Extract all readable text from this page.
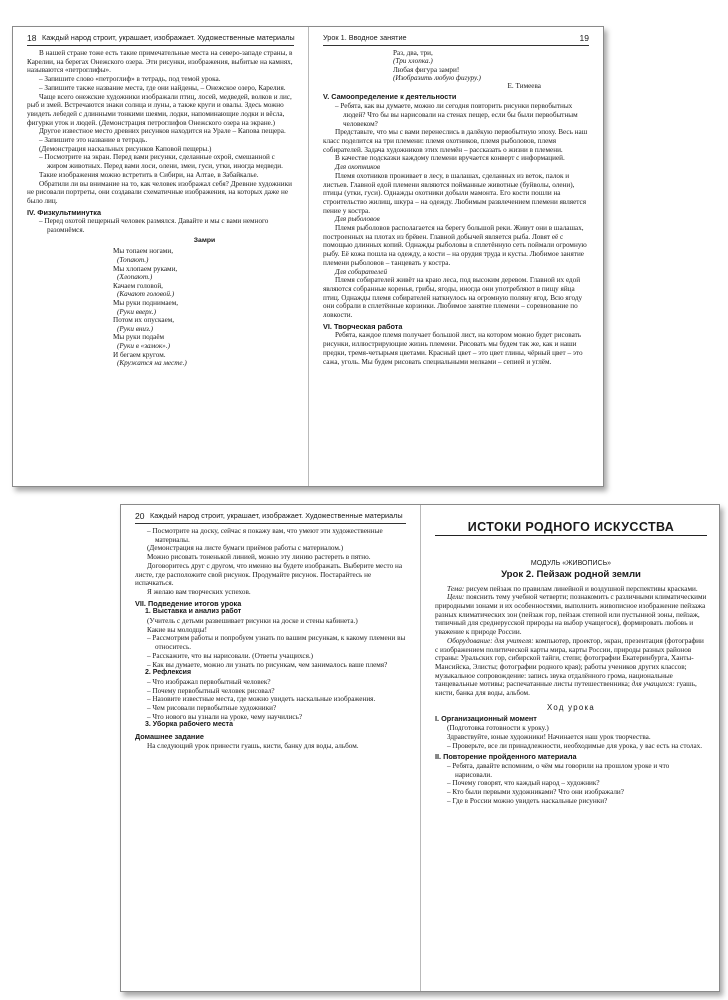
18 Каждый народ строит, украшает, изображает. Художественные материалы

В нашей стране тоже есть такие примечательные места на северо-западе страны, в Карелии, на берегах Онежского озера. Эти рисунки, изображения, выбитые на камнях, называются «петроглифы».

– Запишите слово «петроглиф» в тетрадь, под темой урока.

– Запишите также название места, где они найдены, – Онежское озеро, Карелия.

Чаще всего онежские художники изображали птиц, лосей, медведей, волков и лис, рыб и змей. Встречаются знаки солнца и луны, а также круги и овалы. Здесь можно увидеть лебедей с длинными тонкими шеями, лодки, напоминающие лодки и вёсла, фигурки уток и людей. (Демонстрация петроглифов Онежского озера на экране.)

Другое известное место древних рисунков находится на Урале – Капова пещера.

– Запишите это название в тетрадь.

(Демонстрация наскальных рисунков Каповой пещеры.)

– Посмотрите на экран. Перед вами рисунки, сделанные охрой, смешанной с жиром животных. Перед вами лоси, олени, змеи, гуси, утки, иногда медведи.

Такие изображения можно встретить в Сибири, на Алтае, в Забайкалье.

Обратили ли вы внимание на то, как человек изображал себя? Древние художники не рисовали портреты, они создавали схематичные изображения, на которых даже не было лиц.

IV. Физкультминутка

– Перед охотой пещерный человек размялся. Давайте и мы с вами немного разомнёмся.

Замри

Мы топаем ногами,

(Топают.)

Мы хлопаем руками,

(Хлопают.)

Качаем головой,

(Качают головой.)

Мы руки поднимаем,

(Руки вверх.)

Потом их опускаем,

(Руки вниз.)

Мы руки подаём

(Руки в «замок».)

И бегаем кругом.

(Кружатся на месте.)

Урок 1. Вводное занятие	19

Раз, два, три,

(Три хлопка.)

Любая фигура замри!

(Изобразить любую фигуру.)

Е. Тимеева

V. Самоопределение к деятельности

– Ребята, как вы думаете, можно ли сегодня повторить рисунки первобытных людей? Что бы вы нарисовали на стенах пещер, если бы были первобытным человеком?

Представьте, что мы с вами перенеслись в далёкую первобытную эпоху. Весь наш класс поделится на три племени: племя охотников, племя рыболовов, племя собирателей. Задача художников этих племён – рассказать о жизни в племени.

В качестве подсказки каждому племени вручается конверт с информацией.

Для охотников

Племя охотников проживает в лесу, в шалашах, сделанных из веток, палок и листьев. Главной едой племени являются пойманные животные (буйволы, олени), птицы (утки, гуси). Однажды охотники добыли мамонта. Его кости пошли на строительство жилищ, шкура – на одежду. Любимым развлечением племени является пение у костра.

Для рыболовов

Племя рыболовов располагается на берегу большой реки. Живут они в шалашах, построенных на плотах из брёвен. Главной добычей является рыба. Ловят её с помощью длинных копий. Однажды рыболовы в сплетённую сеть поймали огромную рыбу. Её кожа пошла на одежду, а кости – на орудия труда и кусты. Любимое занятие племени рыболовов – танцевать у костра.

Для собирателей

Племя собирателей живёт на краю леса, под высоким деревом. Главной их едой являются собранные коренья, грибы, ягоды, иногда они употребляют в пищу яйца птиц. Однажды племя собирателей наткнулось на огромную поляну ягод. Всю ягоду они собрали в сплетённые корзинки. Любимое занятие племени – соревнование по ловкости.

VI. Творческая работа

Ребята, каждое племя получает большой лист, на котором можно будет рисовать рисунки, иллюстрирующие жизнь племени. Рисовать мы будем так же, как и наши предки, тремя-четырьмя цветами. Красный цвет – это цвет глины, чёрный цвет – это сажа, уголь. Мы будем рисовать специальными мелками – сепией и углём.

20 Каждый народ строит, украшает, изображает. Художественные материалы

– Посмотрите на доску, сейчас я покажу вам, что умеют эти художественные материалы.

(Демонстрация на листе бумаги приёмов работы с материалом.)

Можно рисовать тоненькой линией, можно эту линию растереть в пятно.

Договоритесь друг с другом, что именно вы будете изображать. Выберите место на листе, где расположите свой рисунок. Продумайте рисунок. Постарайтесь не испачкаться.

Я желаю вам творческих успехов.

VII. Подведение итогов урока

1. Выставка и анализ работ

(Учитель с детьми развешивает рисунки на доске и стены кабинета.)

Какие вы молодцы!

– Рассмотрим работы и попробуем узнать по вашим рисункам, к какому племени вы относитесь.

– Расскажите, что вы нарисовали. (Ответы учащихся.)

– Как вы думаете, можно ли узнать по рисункам, чем занималось ваше племя?

2. Рефлексия

– Что изображал первобытный человек?

– Почему первобытный человек рисовал?

– Назовите известные места, где можно увидеть наскальные изображения.

– Чем рисовали первобытные художники?

– Что нового вы узнали на уроке, чему научились?

3. Уборка рабочего места

Домашнее задание

На следующий урок принести гуашь, кисти, банку для воды, альбом.

ИСТОКИ РОДНОГО ИСКУССТВА

МОДУЛЬ «ЖИВОПИСЬ»

Урок 2. Пейзаж родной земли

Тема: рисуем пейзаж по правилам линейной и воздушной перспективы красками.

Цели: пояснить тему учебной четверти; познакомить с различными климатическими природными зонами и их особенностями, выполнить живописное изображение пейзажа разных климатических зон (пейзаж гор, пейзаж степной или пустынной зоны, пейзаж, типичный для среднерусской природы на выбор учащегося), формировать любовь и уважение к природе России.

Оборудование: для учителя: компьютер, проектор, экран, презентация (фотографии с изображением политической карты мира, карты России, природы разных районов страны: Уральских гор, сибирской тайги, степи; фотографии Екатеринбурга, Ханты-Мансийска, Элисты; фотографии родного края); работы учеников других классов; музыкальное сопровождение: запись звука отдалённого грома, национальные танцевальные мотивы; распечатанные листы путешественника; для учащихся: гуашь, кисти, банка для воды, альбом.

Ход урока

I. Организационный момент

(Подготовка готовности к уроку.)

Здравствуйте, юные художники! Начинается наш урок творчества.

– Проверьте, все ли принадлежности, необходимые для урока, у вас есть на столах.

II. Повторение пройденного материала

– Ребята, давайте вспомним, о чём мы говорили на прошлом уроке и что нарисовали.

– Почему говорят, что каждый народ – художник?

– Кто были первыми художниками? Что они изображали?

– Где в России можно увидеть наскальные рисунки?
